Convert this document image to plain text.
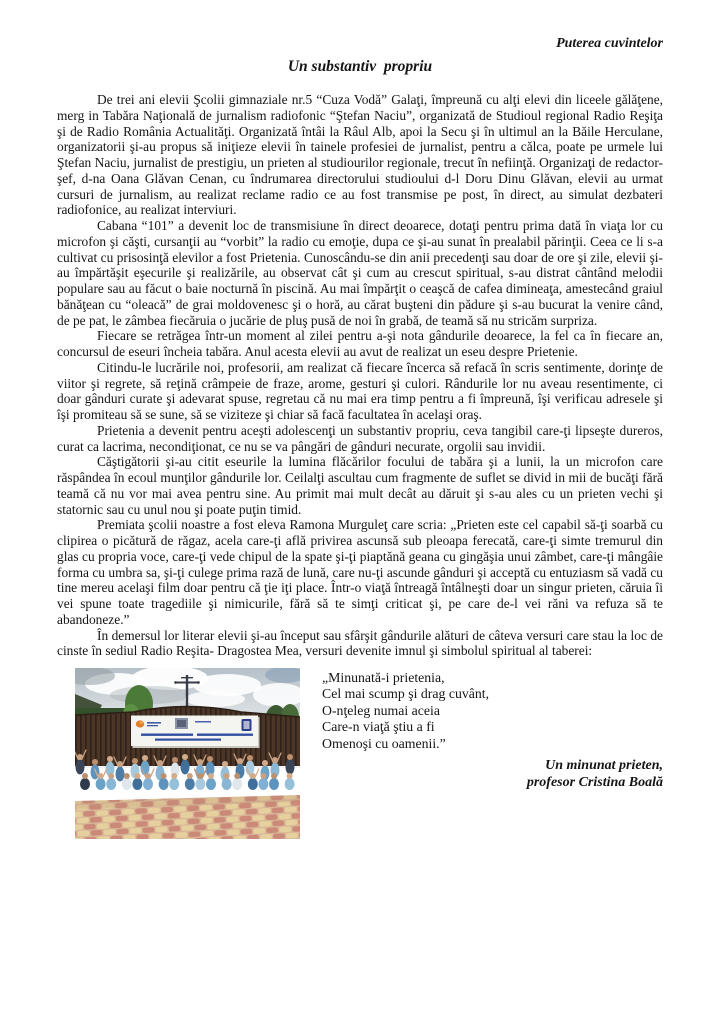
Puterea cuvintelor
Un substantiv  propriu

De trei ani elevii Şcolii gimnaziale nr.5 “Cuza Vodă” Galaţi, împreună cu alţi elevi din liceele gălăţene, merg in Tabăra Naţională de jurnalism radiofonic “Ştefan Naciu”, organizată de Studioul regional Radio Reşiţa şi de Radio România Actualităţi. Organizată întâi la Râul Alb, apoi la Secu şi în ultimul an la Băile Herculane, organizatorii şi-au propus să iniţieze elevii în tainele profesiei de jurnalist, pentru a călca, poate pe urmele lui Ştefan Naciu, jurnalist de prestigiu, un prieten al studiourilor regionale, trecut în nefiinţă. Organizaţi de redactor-şef, d-na Oana Glăvan Cenan, cu îndrumarea directorului studioului d-l Doru Dinu Glăvan, elevii au urmat cursuri de jurnalism, au realizat reclame radio ce au fost transmise pe post, în direct, au simulat dezbateri radiofonice, au realizat interviuri.

Cabana “101” a devenit loc de transmisiune în direct deoarece, dotaţi pentru prima dată în viaţa lor cu microfon şi căşti, cursanţii au “vorbit” la radio cu emoţie, dupa ce şi-au sunat în prealabil părinţii. Ceea ce li s-a cultivat cu prisosinţă elevilor a fost Prietenia. Cunoscându-se din anii precedenţi sau doar de ore şi zile, elevii şi-au împărtăşit eşecurile şi realizările, au observat cât şi cum au crescut spiritual, s-au distrat cântând melodii populare sau au făcut o baie nocturnă în piscină. Au mai împărţit o ceaşcă de cafea dimineaţa, amestecând graiul bănăţean cu “oleacă” de grai moldovenesc şi o horă, au cărat buşteni din pădure şi s-au bucurat la venire când, de pe pat, le zâmbea fiecăruia o jucărie de pluş pusă de noi în grabă, de teamă să nu stricăm surpriza.

Fiecare se retrăgea într-un moment al zilei pentru a-şi nota gândurile deoarece, la fel ca în fiecare an, concursul de eseuri încheia tabăra. Anul acesta elevii au avut de realizat un eseu despre Prietenie.

Citindu-le lucrările noi, profesorii, am realizat că fiecare încerca să refacă în scris sentimente, dorinţe de viitor şi regrete, să reţină crâmpeie de fraze, arome, gesturi şi culori. Rândurile lor nu aveau resentimente, ci doar gânduri curate şi adevarat spuse, regretau că nu mai era timp pentru a fi împreună, îşi verificau adresele şi îşi promiteau să se sune, să se viziteze şi chiar să facă facultatea în acelaşi oraş.

Prietenia a devenit pentru aceşti adolescenţi un substantiv propriu, ceva tangibil care-ţi lipseşte dureros, curat ca lacrima, necondiţionat, ce nu se va pângări de gânduri necurate, orgolii sau invidii.

Căştigătorii şi-au citit eseurile la lumina flăcărilor focului de tabăra şi a lunii, la un microfon care răspândea în ecoul munţilor gândurile lor. Ceilalţi ascultau cum fragmente de suflet se divid in mii de bucăţi fără teamă că nu vor mai avea pentru sine. Au primit mai mult decât au dăruit şi s-au ales cu un prieten vechi şi statornic sau cu unul nou şi poate puţin timid.

Premiata şcolii noastre a fost eleva Ramona Murguleţ care scria: „Prieten este cel capabil să-ţi soarbă cu clipirea o picătură de răgaz, acela care-ţi află privirea ascunsă sub pleoapa ferecată, care-ţi simte tremurul din glas cu propria voce, care-ţi vede chipul de la spate şi-ţi piaptănă geana cu gingăşia unui zâmbet, care-ţi mângâie forma cu umbra sa, şi-ţi culege prima rază de lună, care nu-ţi ascunde gânduri şi acceptă cu entuziasm să vadă cu tine mereu acelaşi film doar pentru că ţie iţi place. Într-o viaţă întreagă întâlneşti doar un singur prieten, căruia îi vei spune toate tragediile şi nimicurile, fără să te simţi criticat şi, pe care de-l vei răni va refuza să te abandoneze.”

În demersul lor literar elevii şi-au început sau sfârşit gândurile alături de câteva versuri care stau la loc de cinste în sediul Radio Reşita- Dragostea Mea, versuri devenite imnul şi simbolul spiritual al taberei:

„Minunată-i prietenia,
Cel mai scump şi drag cuvânt,
O-nţeleg numai aceia
Care-n viaţă ştiu a fi
Omenoşi cu oamenii.”
Un minunat prieten,
profesor Cristina Boală
